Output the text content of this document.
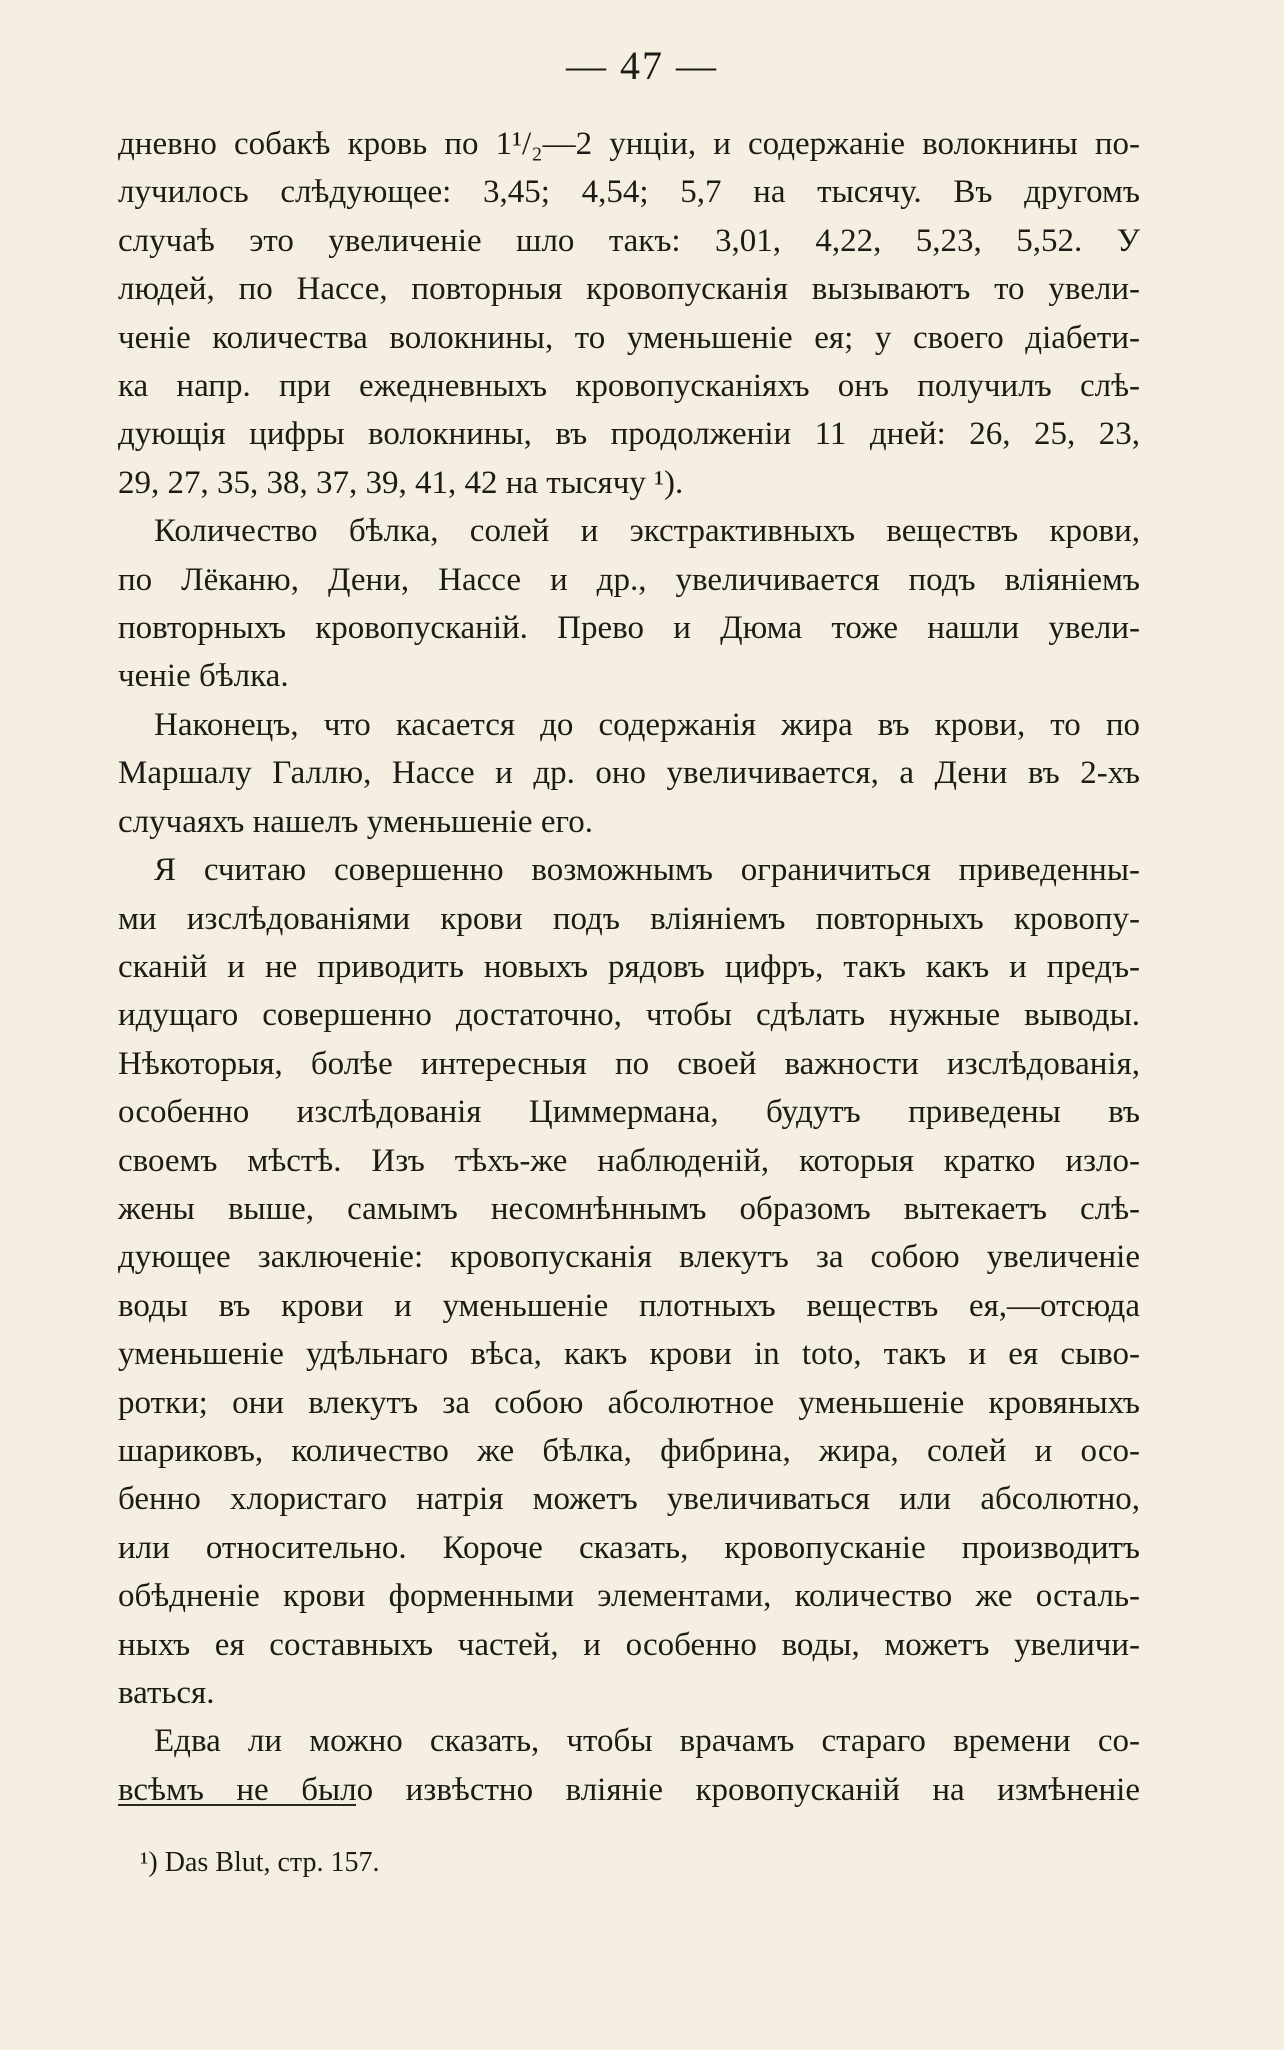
— 47 —
дневно собакѣ кровь по 1¹/₂—2 унціи, и содержаніе волокнины по-
лучилось слѣдующее: 3,45; 4,54; 5,7 на тысячу. Въ другомъ
случаѣ это увеличеніе шло такъ: 3,01, 4,22, 5,23, 5,52. У
людей, по Нассе, повторныя кровопусканія вызываютъ то увели-
ченіе количества волокнины, то уменьшеніе ея; у своего діабети-
ка напр. при ежедневныхъ кровопусканіяхъ онъ получилъ слѣ-
дующія цифры волокнины, въ продолженіи 11 дней: 26, 25, 23,
29, 27, 35, 38, 37, 39, 41, 42 на тысячу ¹).
Количество бѣлка, солей и экстрактивныхъ веществъ крови,
по Лёканю, Дени, Нассе и др., увеличивается подъ вліяніемъ
повторныхъ кровопусканій. Прево и Дюма тоже нашли увели-
ченіе бѣлка.
Наконецъ, что касается до содержанія жира въ крови, то по
Маршалу Галлю, Нассе и др. оно увеличивается, а Дени въ 2-хъ
случаяхъ нашелъ уменьшеніе его.
Я считаю совершенно возможнымъ ограничиться приведенны-
ми изслѣдованіями крови подъ вліяніемъ повторныхъ кровопу-
сканій и не приводить новыхъ рядовъ цифръ, такъ какъ и предъ-
идущаго совершенно достаточно, чтобы сдѣлать нужные выводы.
Нѣкоторыя, болѣе интересныя по своей важности изслѣдованія,
особенно изслѣдованія Циммермана, будутъ приведены въ
своемъ мѣстѣ. Изъ тѣхъ-же наблюденій, которыя кратко изло-
жены выше, самымъ несомнѣннымъ образомъ вытекаетъ слѣ-
дующее заключеніе: кровопусканія влекутъ за собою увеличеніе
воды въ крови и уменьшеніе плотныхъ веществъ ея,—отсюда
уменьшеніе удѣльнаго вѣса, какъ крови in toto, такъ и ея сыво-
ротки; они влекутъ за собою абсолютное уменьшеніе кровяныхъ
шариковъ, количество же бѣлка, фибрина, жира, солей и осо-
бенно хлористаго натрія можетъ увеличиваться или абсолютно,
или относительно. Короче сказать, кровопусканіе производитъ
обѣдненіе крови форменными элементами, количество же осталь-
ныхъ ея составныхъ частей, и особенно воды, можетъ увеличи-
ваться.
Едва ли можно сказать, чтобы врачамъ стараго времени со-
всѣмъ не было извѣстно вліяніе кровопусканій на измѣненіе
¹) Das Blut, стр. 157.
